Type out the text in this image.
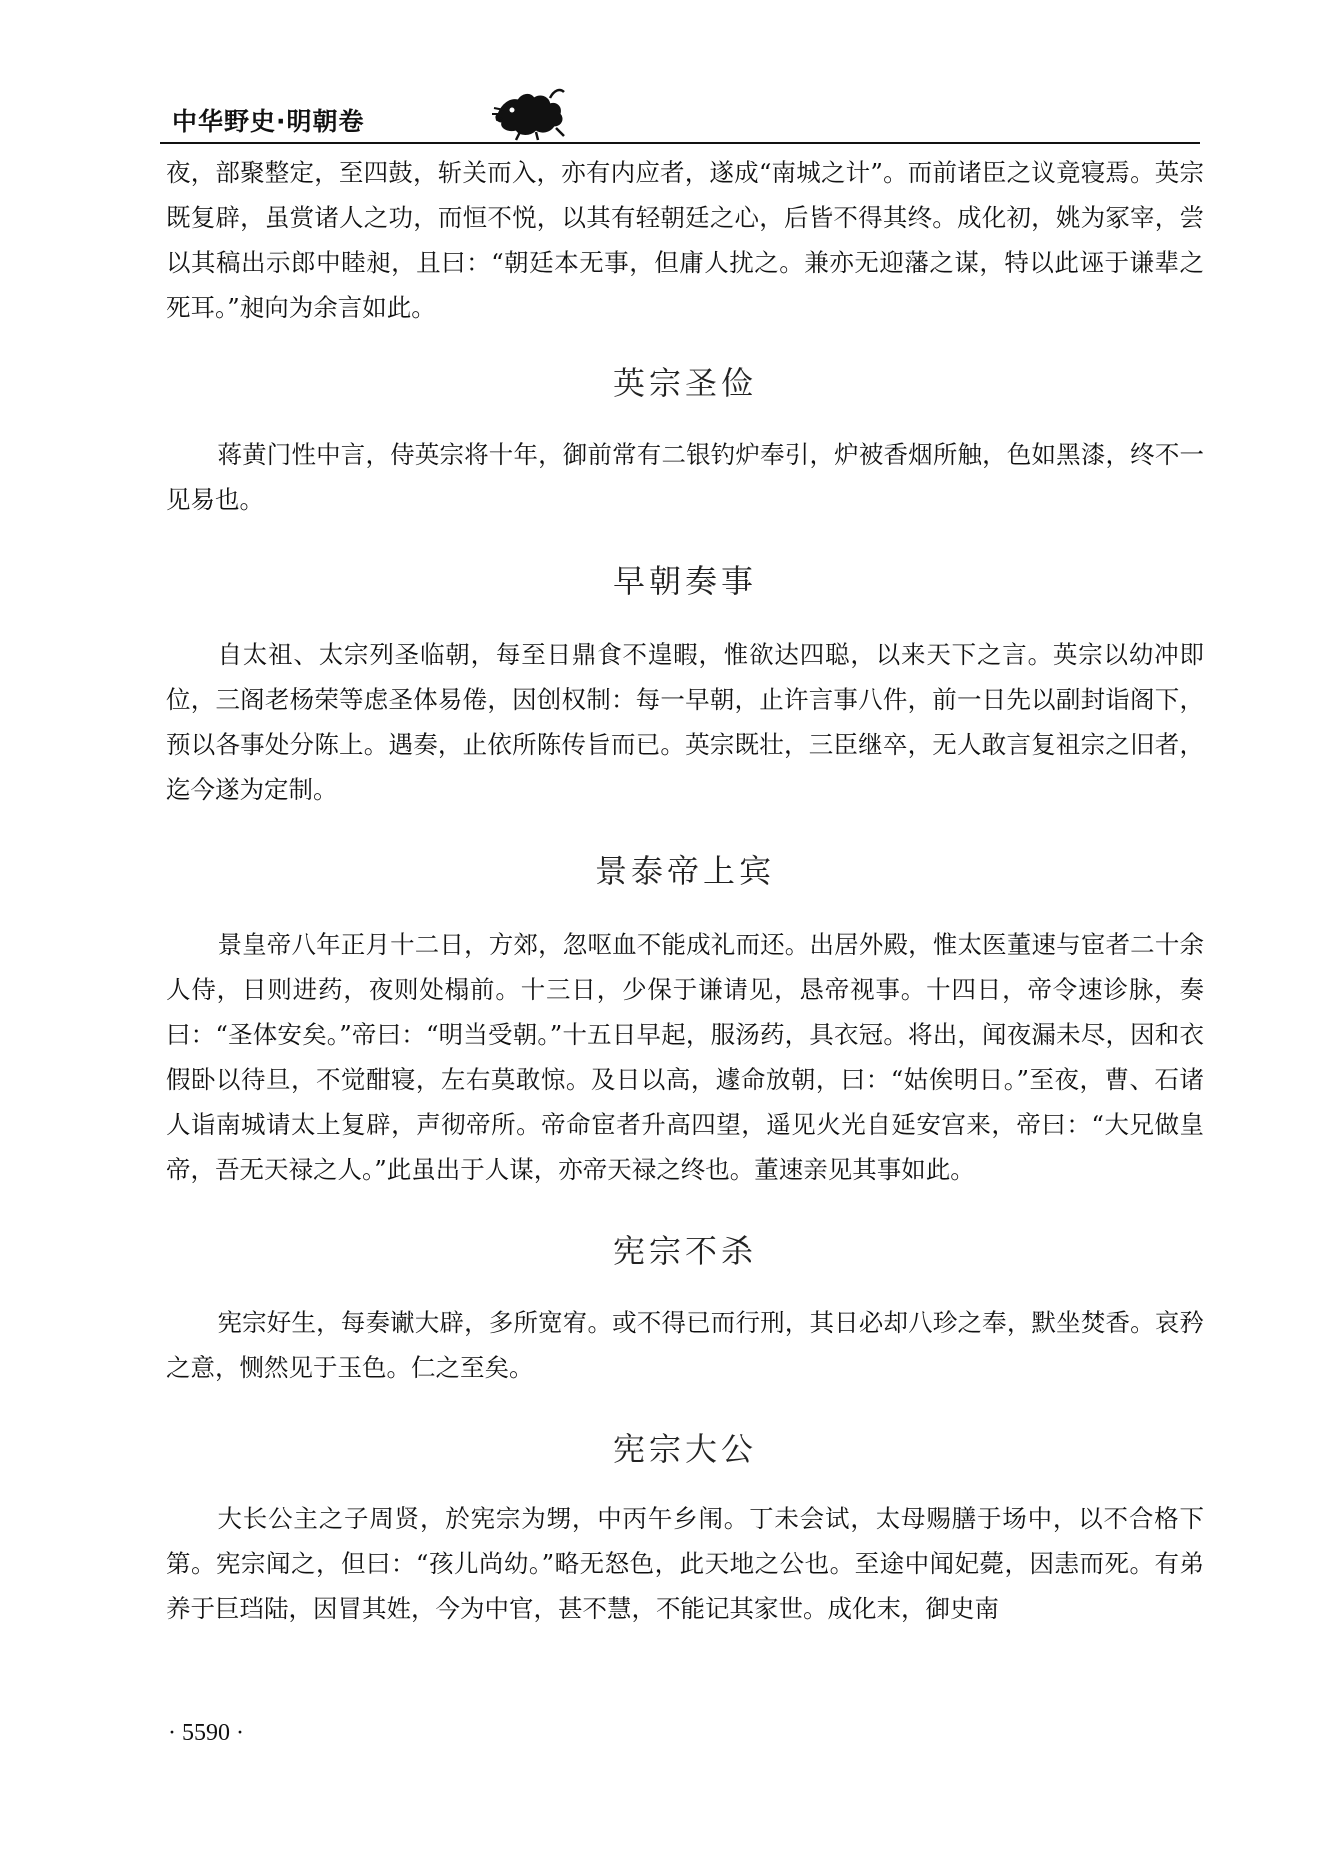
中华野史·明朝卷

夜，部聚整定，至四鼓，斩关而入，亦有内应者，遂成“南城之计”。而前诸臣之议竟寝焉。英宗既复辟，虽赏诸人之功，而恒不悦，以其有轻朝廷之心，后皆不得其终。成化初，姚为冢宰，尝以其稿出示郎中睦昶，且曰：“朝廷本无事，但庸人扰之。兼亦无迎藩之谋，特以此诬于谦辈之死耳。”昶向为余言如此。

英宗圣俭

蒋黄门性中言，侍英宗将十年，御前常有二银钓炉奉引，炉被香烟所触，色如黑漆，终不一见易也。

早朝奏事

自太祖、太宗列圣临朝，每至日鼎食不遑暇，惟欲达四聪，以来天下之言。英宗以幼冲即位，三阁老杨荣等虑圣体易倦，因创权制：每一早朝，止许言事八件，前一日先以副封诣阁下，预以各事处分陈上。遇奏，止依所陈传旨而已。英宗既壮，三臣继卒，无人敢言复祖宗之旧者，迄今遂为定制。

景泰帝上宾

景皇帝八年正月十二日，方郊，忽呕血不能成礼而还。出居外殿，惟太医董速与宦者二十余人侍，日则进药，夜则处榻前。十三日，少保于谦请见，恳帝视事。十四日，帝令速诊脉，奏曰：“圣体安矣。”帝曰：“明当受朝。”十五日早起，服汤药，具衣冠。将出，闻夜漏未尽，因和衣假卧以待旦，不觉酣寝，左右莫敢惊。及日以高，遽命放朝，曰：“姑俟明日。”至夜，曹、石诸人诣南城请太上复辟，声彻帝所。帝命宦者升高四望，遥见火光自延安宫来，帝曰：“大兄做皇帝，吾无天禄之人。”此虽出于人谋，亦帝天禄之终也。董速亲见其事如此。

宪宗不杀

宪宗好生，每奏谳大辟，多所宽宥。或不得已而行刑，其日必却八珍之奉，默坐焚香。哀矜之意，恻然见于玉色。仁之至矣。

宪宗大公

大长公主之子周贤，於宪宗为甥，中丙午乡闱。丁未会试，太母赐膳于场中，以不合格下第。宪宗闻之，但曰：“孩儿尚幼。”略无怒色，此天地之公也。至途中闻妃薨，因恚而死。有弟养于巨珰陆，因冒其姓，今为中官，甚不慧，不能记其家世。成化末，御史南

· 5590 ·
